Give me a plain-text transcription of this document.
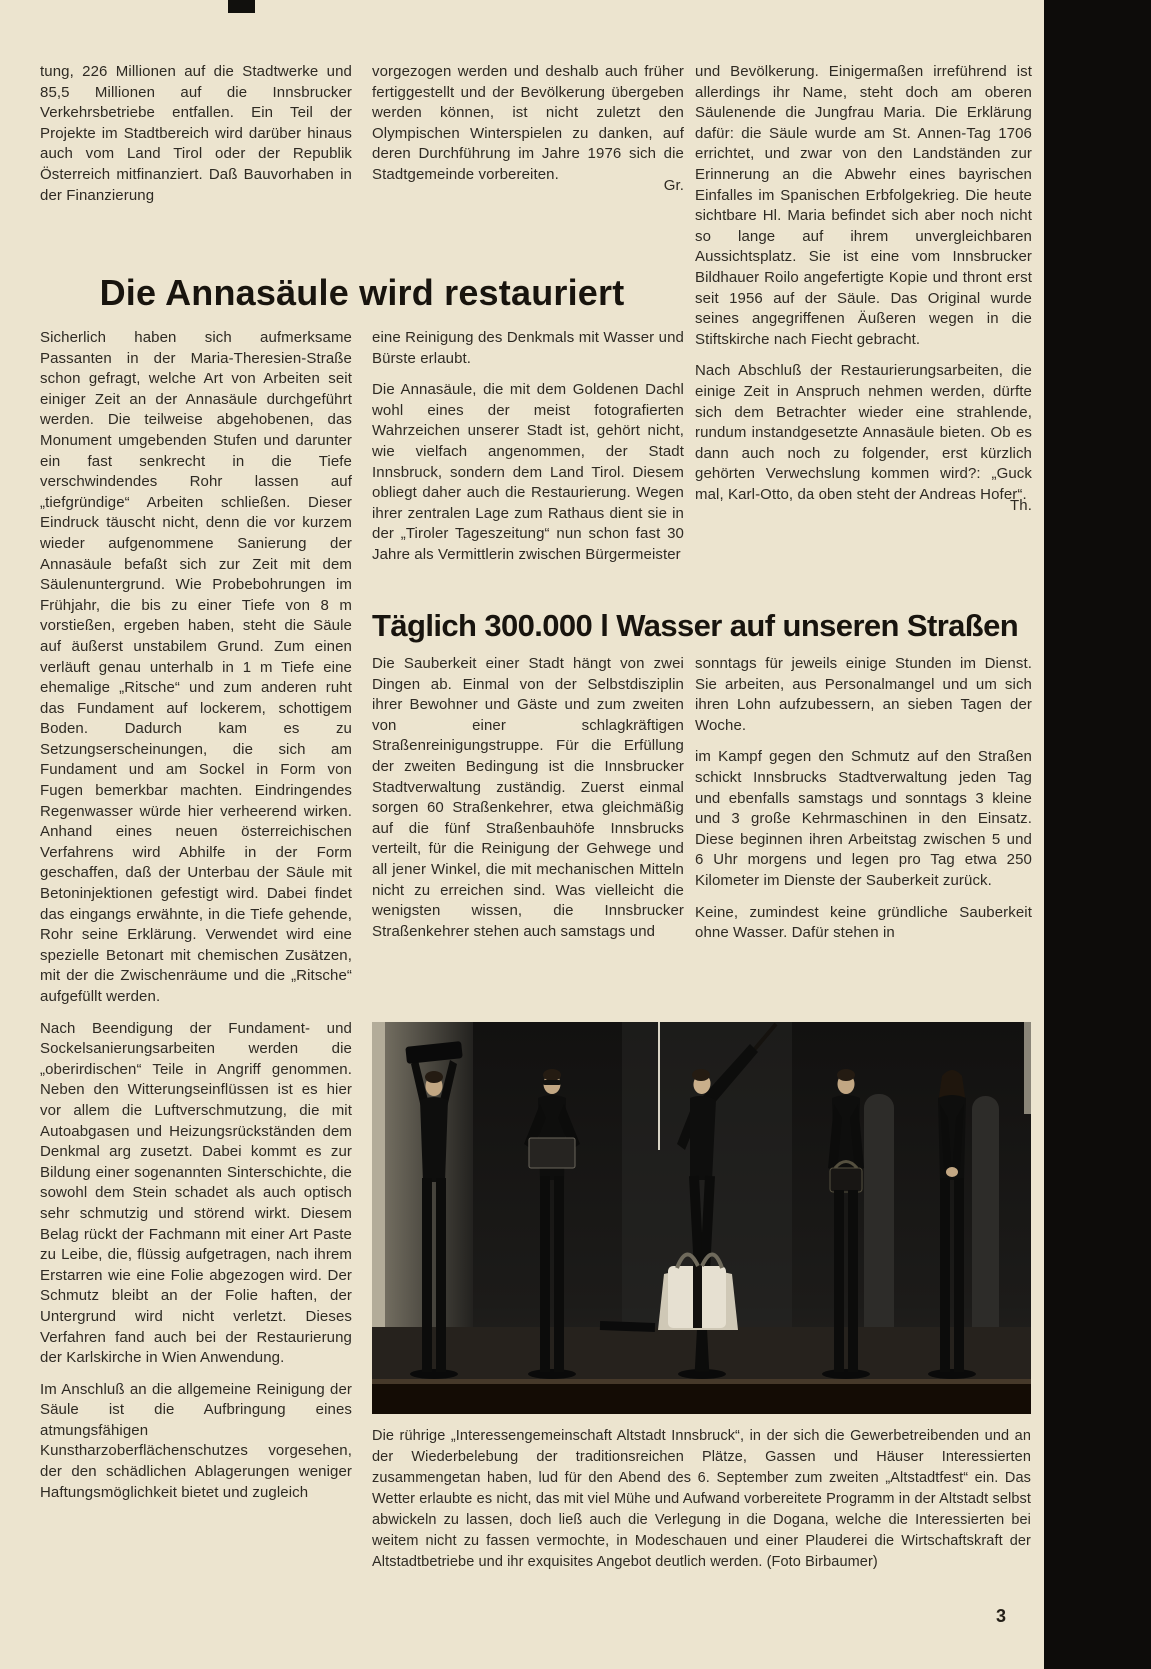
tung, 226 Millionen auf die Stadtwerke und 85,5 Millionen auf die Innsbrucker Verkehrsbetriebe entfallen. Ein Teil der Projekte im Stadtbereich wird darüber hinaus auch vom Land Tirol oder der Republik Österreich mitfinanziert. Daß Bauvorhaben in der Finanzierung

vorgezogen werden und deshalb auch früher fertiggestellt und der Bevölkerung übergeben werden können, ist nicht zuletzt den Olympischen Winterspielen zu danken, auf deren Durchführung im Jahre 1976 sich die Stadtgemeinde vorbereiten.

Gr.
Die Annasäule wird restauriert

Sicherlich haben sich aufmerksame Passanten in der Maria-Theresien-Straße schon gefragt, welche Art von Arbeiten seit einiger Zeit an der Annasäule durchgeführt werden. Die teilweise abgehobenen, das Monument umgebenden Stufen und darunter ein fast senkrecht in die Tiefe verschwindendes Rohr lassen auf „tiefgründige“ Arbeiten schließen. Dieser Eindruck täuscht nicht, denn die vor kurzem wieder aufgenommene Sanierung der Annasäule befaßt sich zur Zeit mit dem Säulenuntergrund. Wie Probebohrungen im Frühjahr, die bis zu einer Tiefe von 8 m vorstießen, ergeben haben, steht die Säule auf äußerst unstabilem Grund. Zum einen verläuft genau unterhalb in 1 m Tiefe eine ehemalige „Ritsche“ und zum anderen ruht das Fundament auf lockerem, schottigem Boden. Dadurch kam es zu Setzungserscheinungen, die sich am Fundament und am Sockel in Form von Fugen bemerkbar machten. Eindringendes Regenwasser würde hier verheerend wirken. Anhand eines neuen österreichischen Verfahrens wird Abhilfe in der Form geschaffen, daß der Unterbau der Säule mit Betoninjektionen gefestigt wird. Dabei findet das eingangs erwähnte, in die Tiefe gehende, Rohr seine Erklärung. Verwendet wird eine spezielle Betonart mit chemischen Zusätzen, mit der die Zwischenräume und die „Ritsche“ aufgefüllt werden.

Nach Beendigung der Fundament- und Sockelsanierungsarbeiten werden die „oberirdischen“ Teile in Angriff genommen. Neben den Witterungseinflüssen ist es hier vor allem die Luftverschmutzung, die mit Autoabgasen und Heizungsrückständen dem Denkmal arg zusetzt. Dabei kommt es zur Bildung einer sogenannten Sinterschichte, die sowohl dem Stein schadet als auch optisch sehr schmutzig und störend wirkt. Diesem Belag rückt der Fachmann mit einer Art Paste zu Leibe, die, flüssig aufgetragen, nach ihrem Erstarren wie eine Folie abgezogen wird. Der Schmutz bleibt an der Folie haften, der Untergrund wird nicht verletzt. Dieses Verfahren fand auch bei der Restaurierung der Karlskirche in Wien Anwendung.

Im Anschluß an die allgemeine Reinigung der Säule ist die Aufbringung eines atmungsfähigen Kunstharzoberflächenschutzes vorgesehen, der den schädlichen Ablagerungen weniger Haftungsmöglichkeit bietet und zugleich

eine Reinigung des Denkmals mit Wasser und Bürste erlaubt.

Die Annasäule, die mit dem Goldenen Dachl wohl eines der meist fotografierten Wahrzeichen unserer Stadt ist, gehört nicht, wie vielfach angenommen, der Stadt Innsbruck, sondern dem Land Tirol. Diesem obliegt daher auch die Restaurierung. Wegen ihrer zentralen Lage zum Rathaus dient sie in der „Tiroler Tageszeitung“ nun schon fast 30 Jahre als Vermittlerin zwischen Bürgermeister

und Bevölkerung. Einigermaßen irreführend ist allerdings ihr Name, steht doch am oberen Säulenende die Jungfrau Maria. Die Erklärung dafür: die Säule wurde am St. Annen-Tag 1706 errichtet, und zwar von den Landständen zur Erinnerung an die Abwehr eines bayrischen Einfalles im Spanischen Erbfolgekrieg. Die heute sichtbare Hl. Maria befindet sich aber noch nicht so lange auf ihrem unvergleichbaren Aussichtsplatz. Sie ist eine vom Innsbrucker Bildhauer Roilo angefertigte Kopie und thront erst seit 1956 auf der Säule. Das Original wurde seines angegriffenen Äußeren wegen in die Stiftskirche nach Fiecht gebracht.

Nach Abschluß der Restaurierungsarbeiten, die einige Zeit in Anspruch nehmen werden, dürfte sich dem Betrachter wieder eine strahlende, rundum instandgesetzte Annasäule bieten. Ob es dann auch noch zu folgender, erst kürzlich gehörten Verwechslung kommen wird?: „Guck mal, Karl-Otto, da oben steht der Andreas Hofer“.

Th.
Täglich 300.000 l Wasser auf unseren Straßen

Die Sauberkeit einer Stadt hängt von zwei Dingen ab. Einmal von der Selbstdisziplin ihrer Bewohner und Gäste und zum zweiten von einer schlagkräftigen Straßenreinigungstruppe. Für die Erfüllung der zweiten Bedingung ist die Innsbrucker Stadtverwaltung zuständig. Zuerst einmal sorgen 60 Straßenkehrer, etwa gleichmäßig auf die fünf Straßenbauhöfe Innsbrucks verteilt, für die Reinigung der Gehwege und all jener Winkel, die mit mechanischen Mitteln nicht zu erreichen sind. Was vielleicht die wenigsten wissen, die Innsbrucker Straßenkehrer stehen auch samstags und

sonntags für jeweils einige Stunden im Dienst. Sie arbeiten, aus Personalmangel und um sich ihren Lohn aufzubessern, an sieben Tagen der Woche.

im Kampf gegen den Schmutz auf den Straßen schickt Innsbrucks Stadtverwaltung jeden Tag und ebenfalls samstags und sonntags 3 kleine und 3 große Kehrmaschinen in den Einsatz. Diese beginnen ihren Arbeitstag zwischen 5 und 6 Uhr morgens und legen pro Tag etwa 250 Kilometer im Dienste der Sauberkeit zurück.

Keine, zumindest keine gründliche Sauberkeit ohne Wasser. Dafür stehen in

Die rührige „Interessengemeinschaft Altstadt Innsbruck“, in der sich die Gewerbetreibenden und an der Wiederbelebung der traditionsreichen Plätze, Gassen und Häuser Interessierten zusammengetan haben, lud für den Abend des 6. September zum zweiten „Altstadtfest“ ein. Das Wetter erlaubte es nicht, das mit viel Mühe und Aufwand vorbereitete Programm in der Altstadt selbst abwickeln zu lassen, doch ließ auch die Verlegung in die Dogana, welche die Interessierten bei weitem nicht zu fassen vermochte, in Modeschauen und einer Plauderei die Wirtschaftskraft der Altstadtbetriebe und ihr exquisites Angebot deutlich werden. (Foto Birbaumer)
3
